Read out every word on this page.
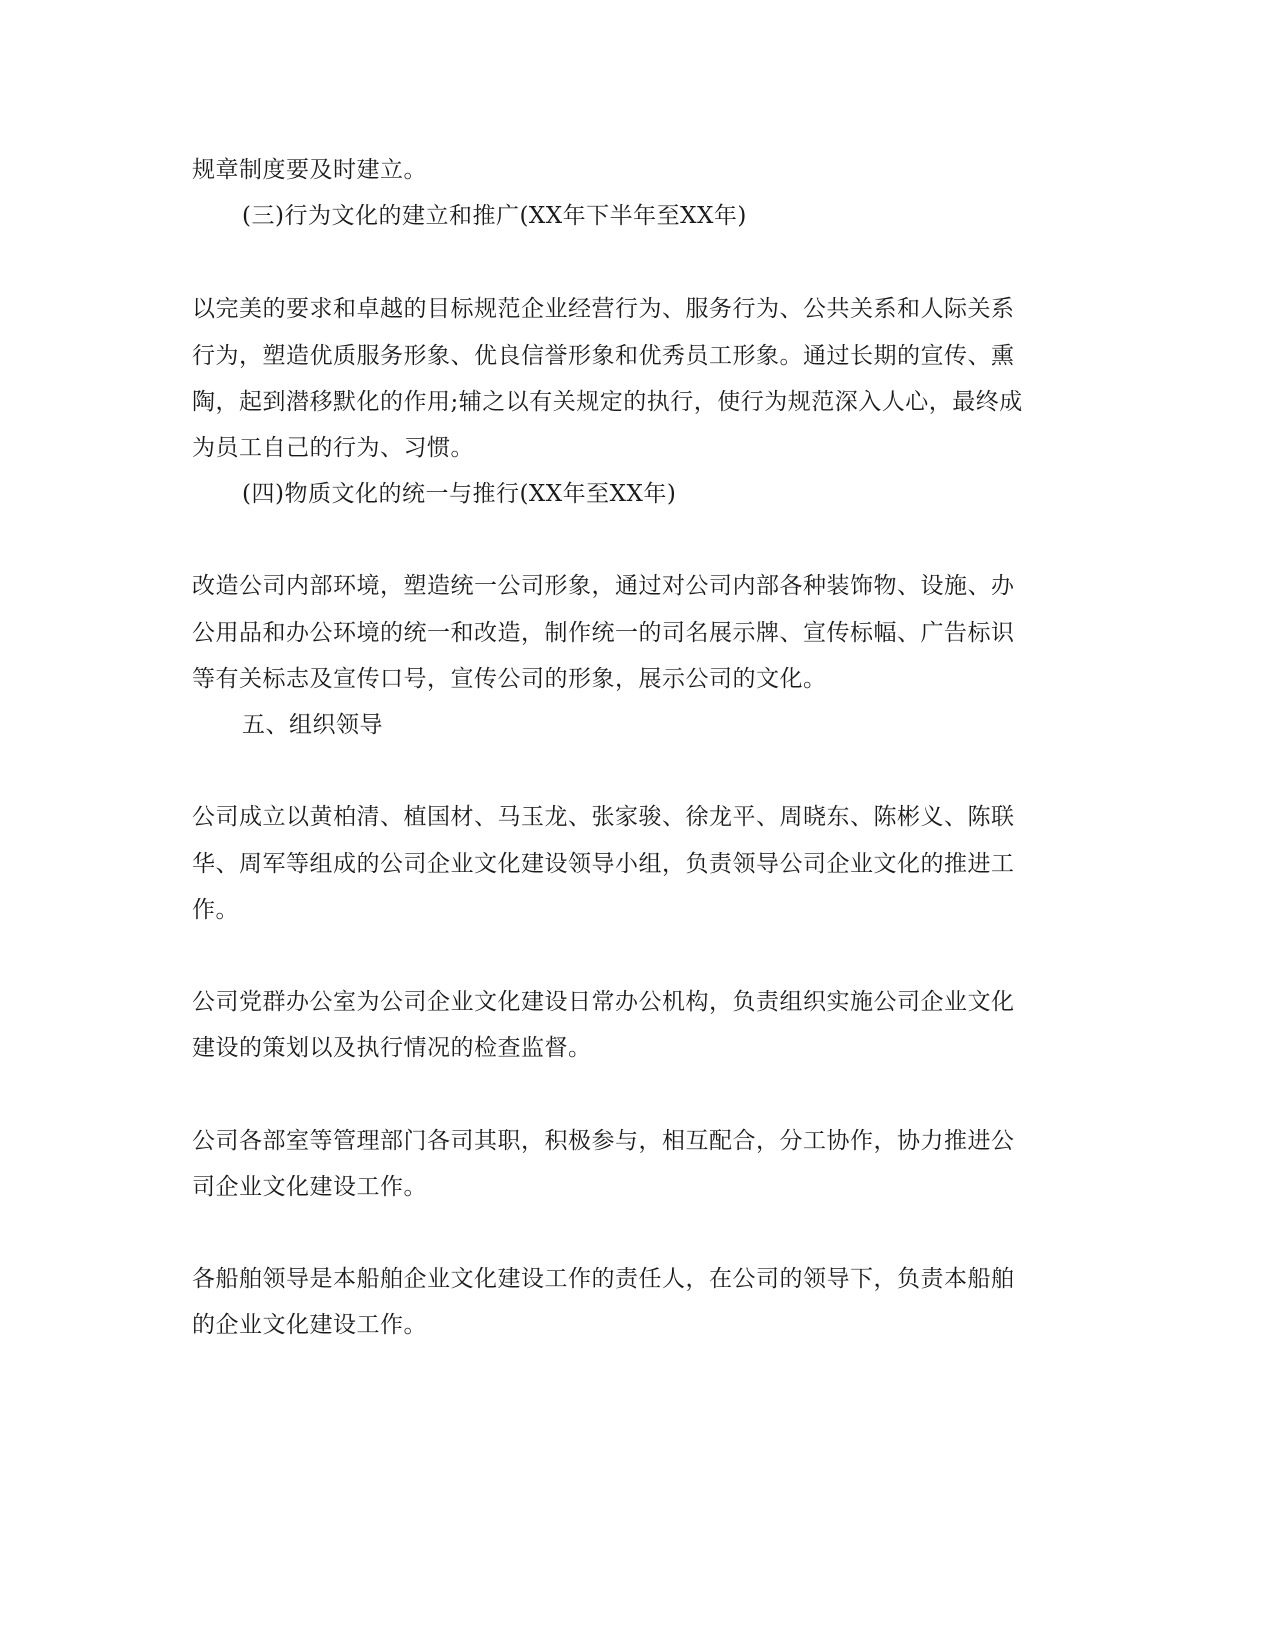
规章制度要及时建立。
(三)行为文化的建立和推广(XX年下半年至XX年)
以完美的要求和卓越的目标规范企业经营行为、服务行为、公共关系和人际关系
行为，塑造优质服务形象、优良信誉形象和优秀员工形象。通过长期的宣传、熏
陶，起到潜移默化的作用;辅之以有关规定的执行，使行为规范深入人心，最终成
为员工自己的行为、习惯。
(四)物质文化的统一与推行(XX年至XX年)
改造公司内部环境，塑造统一公司形象，通过对公司内部各种装饰物、设施、办
公用品和办公环境的统一和改造，制作统一的司名展示牌、宣传标幅、广告标识
等有关标志及宣传口号，宣传公司的形象，展示公司的文化。
五、组织领导
公司成立以黄柏清、植国材、马玉龙、张家骏、徐龙平、周晓东、陈彬义、陈联
华、周军等组成的公司企业文化建设领导小组，负责领导公司企业文化的推进工
作。
公司党群办公室为公司企业文化建设日常办公机构，负责组织实施公司企业文化
建设的策划以及执行情况的检查监督。
公司各部室等管理部门各司其职，积极参与，相互配合，分工协作，协力推进公
司企业文化建设工作。
各船舶领导是本船舶企业文化建设工作的责任人，在公司的领导下，负责本船舶
的企业文化建设工作。
